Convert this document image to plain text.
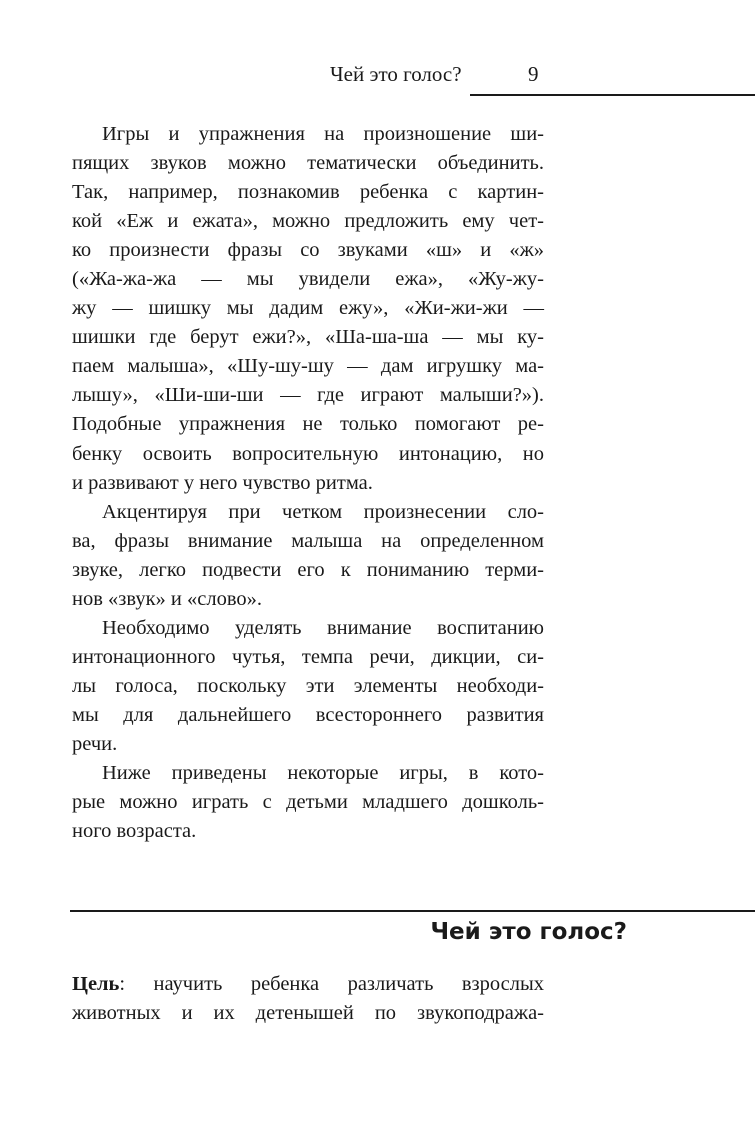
Чей это голос?	9
Игры и упражнения на произношение ши-
пящих звуков можно тематически объединить.
Так, например, познакомив ребенка с картин-
кой «Еж и ежата», можно предложить ему чет-
ко произнести фразы со звуками «ш» и «ж»
(«Жа-жа-жа — мы увидели ежа», «Жу-жу-
жу — шишку мы дадим ежу», «Жи-жи-жи —
шишки где берут ежи?», «Ша-ша-ша — мы ку-
паем малыша», «Шу-шу-шу — дам игрушку ма-
лышу», «Ши-ши-ши — где играют малыши?»).
Подобные упражнения не только помогают ре-
бенку освоить вопросительную интонацию, но
и развивают у него чувство ритма.
Акцентируя при четком произнесении сло-
ва, фразы внимание малыша на определенном
звуке, легко подвести его к пониманию терми-
нов «звук» и «слово».
Необходимо уделять внимание воспитанию
интонационного чутья, темпа речи, дикции, си-
лы голоса, поскольку эти элементы необходи-
мы для дальнейшего всестороннего развития
речи.
Ниже приведены некоторые игры, в кото-
рые можно играть с детьми младшего дошколь-
ного возраста.
Чей это голос?
Цель: научить ребенка различать взрослых
животных и их детенышей по звукоподража-
